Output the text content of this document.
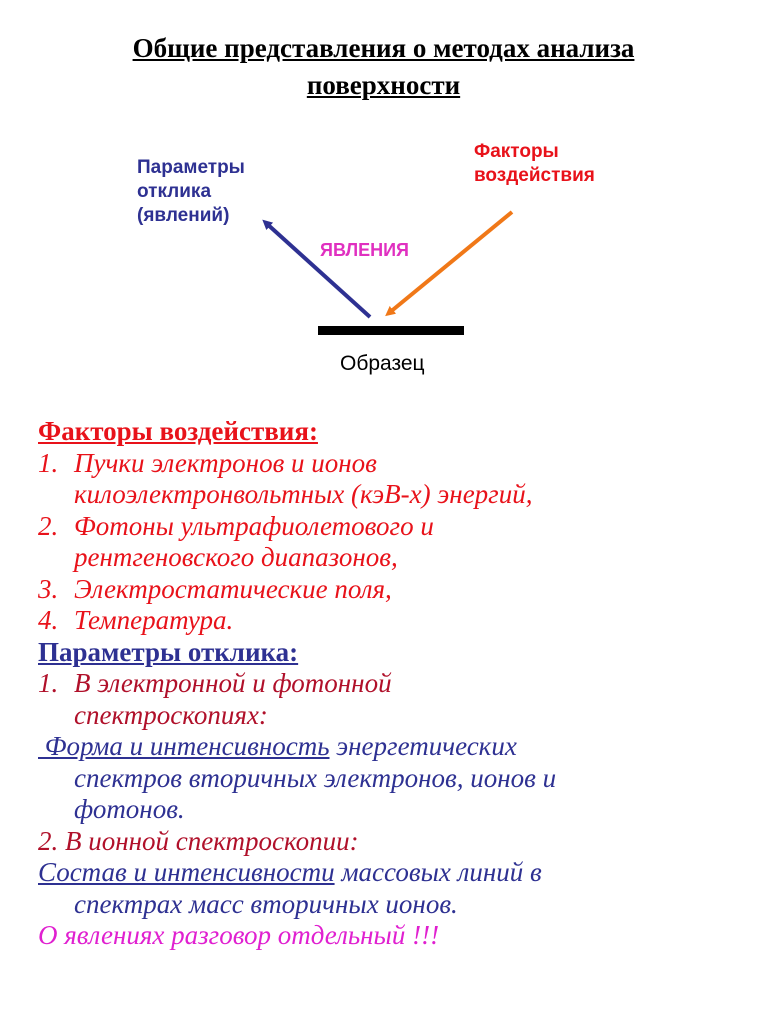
Общие представления о методах анализа
поверхности
Параметры
отклика
(явлений)
Факторы
воздействия
ЯВЛЕНИЯ
Образец
Факторы воздействия:
1. Пучки электронов и ионов
килоэлектронвольтных (кэВ-х) энергий,
2. Фотоны ультрафиолетового и
рентгеновского диапазонов,
3. Электростатические поля,
4. Температура.
Параметры отклика:
1. В электронной и фотонной
спектроскопиях:
Форма и интенсивность энергетических
спектров вторичных электронов, ионов и
фотонов.
2. В ионной спектроскопии:
Состав и интенсивности массовых линий в
спектрах масс вторичных ионов.
О явлениях разговор отдельный !!!
